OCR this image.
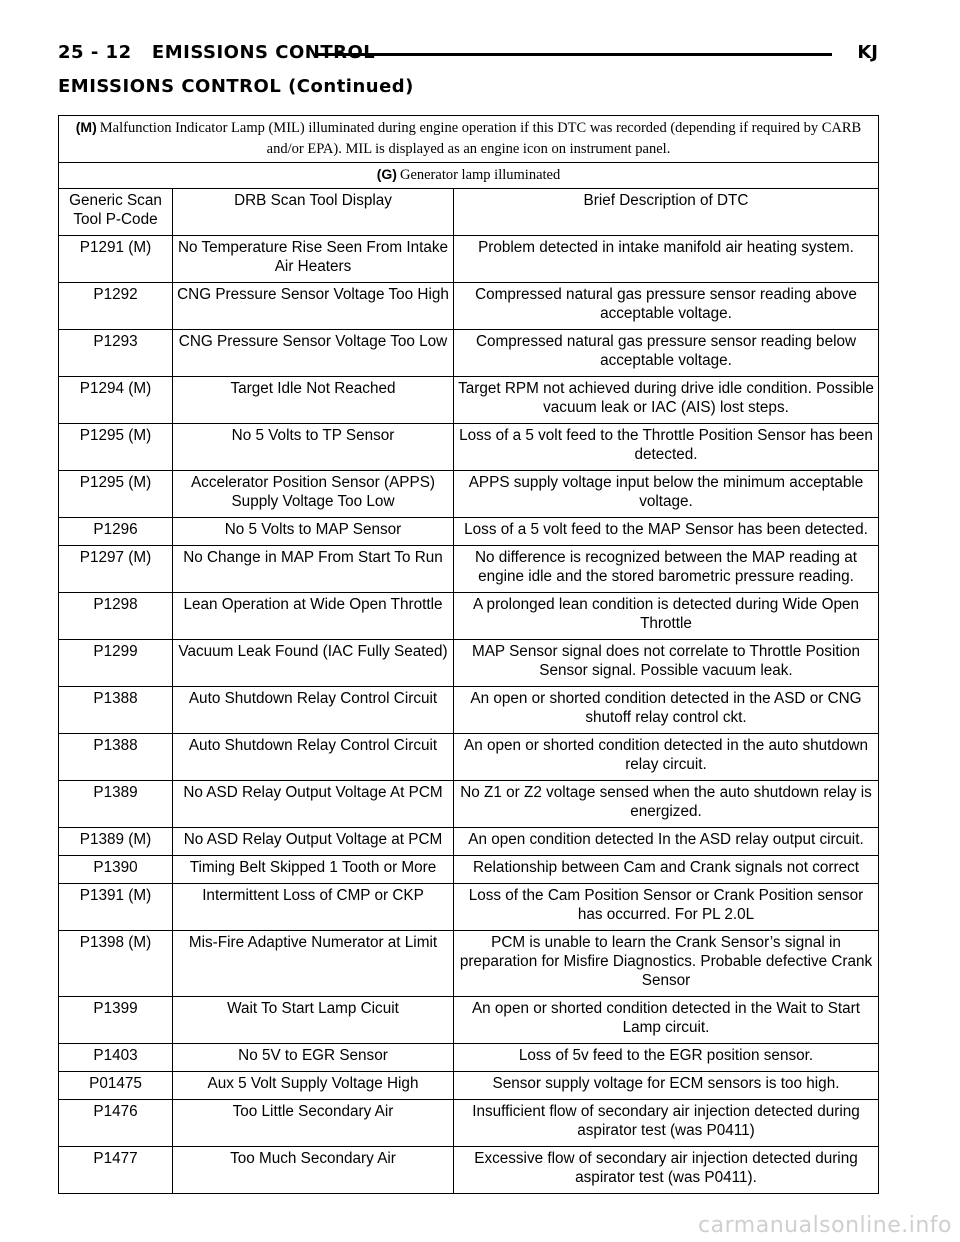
25 - 12 EMISSIONS CONTROL	KJ
EMISSIONS CONTROL (Continued)
(M) Malfunction Indicator Lamp (MIL) illuminated during engine operation if this DTC was recorded (depending if required by CARB and/or EPA). MIL is displayed as an engine icon on instrument panel.		
(G) Generator lamp illuminated		
Generic Scan Tool P-Code	DRB Scan Tool Display	Brief Description of DTC
P1291 (M)	No Temperature Rise Seen From Intake Air Heaters	Problem detected in intake manifold air heating system.
P1292	CNG Pressure Sensor Voltage Too High	Compressed natural gas pressure sensor reading above acceptable voltage.
P1293	CNG Pressure Sensor Voltage Too Low	Compressed natural gas pressure sensor reading below acceptable voltage.
P1294 (M)	Target Idle Not Reached	Target RPM not achieved during drive idle condition. Possible vacuum leak or IAC (AIS) lost steps.
P1295 (M)	No 5 Volts to TP Sensor	Loss of a 5 volt feed to the Throttle Position Sensor has been detected.
P1295 (M)	Accelerator Position Sensor (APPS) Supply Voltage Too Low	APPS supply voltage input below the minimum acceptable voltage.
P1296	No 5 Volts to MAP Sensor	Loss of a 5 volt feed to the MAP Sensor has been detected.
P1297 (M)	No Change in MAP From Start To Run	No difference is recognized between the MAP reading at engine idle and the stored barometric pressure reading.
P1298	Lean Operation at Wide Open Throttle	A prolonged lean condition is detected during Wide Open Throttle
P1299	Vacuum Leak Found (IAC Fully Seated)	MAP Sensor signal does not correlate to Throttle Position Sensor signal. Possible vacuum leak.
P1388	Auto Shutdown Relay Control Circuit	An open or shorted condition detected in the ASD or CNG shutoff relay control ckt.
P1388	Auto Shutdown Relay Control Circuit	An open or shorted condition detected in the auto shutdown relay circuit.
P1389	No ASD Relay Output Voltage At PCM	No Z1 or Z2 voltage sensed when the auto shutdown relay is energized.
P1389 (M)	No ASD Relay Output Voltage at PCM	An open condition detected In the ASD relay output circuit.
P1390	Timing Belt Skipped 1 Tooth or More	Relationship between Cam and Crank signals not correct
P1391 (M)	Intermittent Loss of CMP or CKP	Loss of the Cam Position Sensor or Crank Position sensor has occurred. For PL 2.0L
P1398 (M)	Mis-Fire Adaptive Numerator at Limit	PCM is unable to learn the Crank Sensor’s signal in preparation for Misfire Diagnostics. Probable defective Crank Sensor
P1399	Wait To Start Lamp Cicuit	An open or shorted condition detected in the Wait to Start Lamp circuit.
P1403	No 5V to EGR Sensor	Loss of 5v feed to the EGR position sensor.
P01475	Aux 5 Volt Supply Voltage High	Sensor supply voltage for ECM sensors is too high.
P1476	Too Little Secondary Air	Insufficient flow of secondary air injection detected during aspirator test (was P0411)
P1477	Too Much Secondary Air	Excessive flow of secondary air injection detected during aspirator test (was P0411).
carmanualsonline.info
